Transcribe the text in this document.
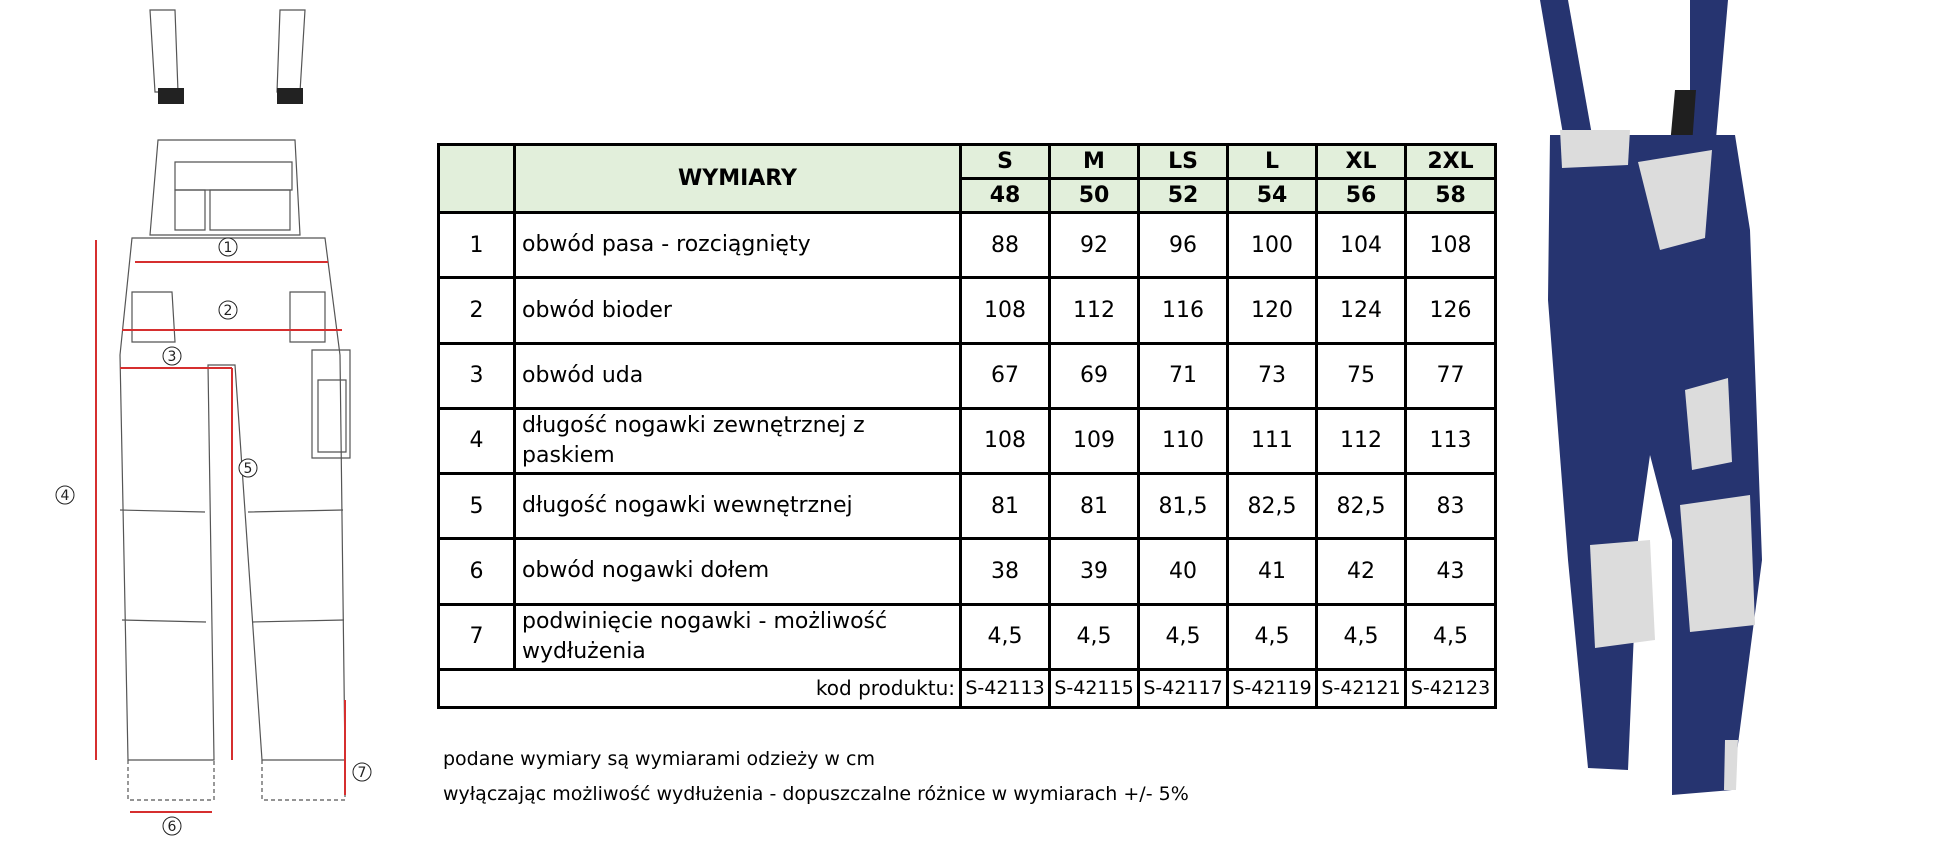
1
2
3
4
5
6
7
	WYMIARY	S	M	LS	L	XL	2XL
		48	50	52	54	56	58
1	obwód pasa - rozciągnięty	88	92	96	100	104	108
2	obwód bioder	108	112	116	120	124	126
3	obwód uda	67	69	71	73	75	77
4	długość nogawki zewnętrznej z paskiem	108	109	110	111	112	113
5	długość nogawki wewnętrznej	81	81	81,5	82,5	82,5	83
6	obwód nogawki dołem	38	39	40	41	42	43
7	podwinięcie nogawki - możliwość wydłużenia	4,5	4,5	4,5	4,5	4,5	4,5
kod produktu:		S-42113	S-42115	S-42117	S-42119	S-42121	S-42123
podane wymiary są wymiarami odzieży w cm
wyłączając możliwość wydłużenia - dopuszczalne różnice w wymiarach +/- 5%
